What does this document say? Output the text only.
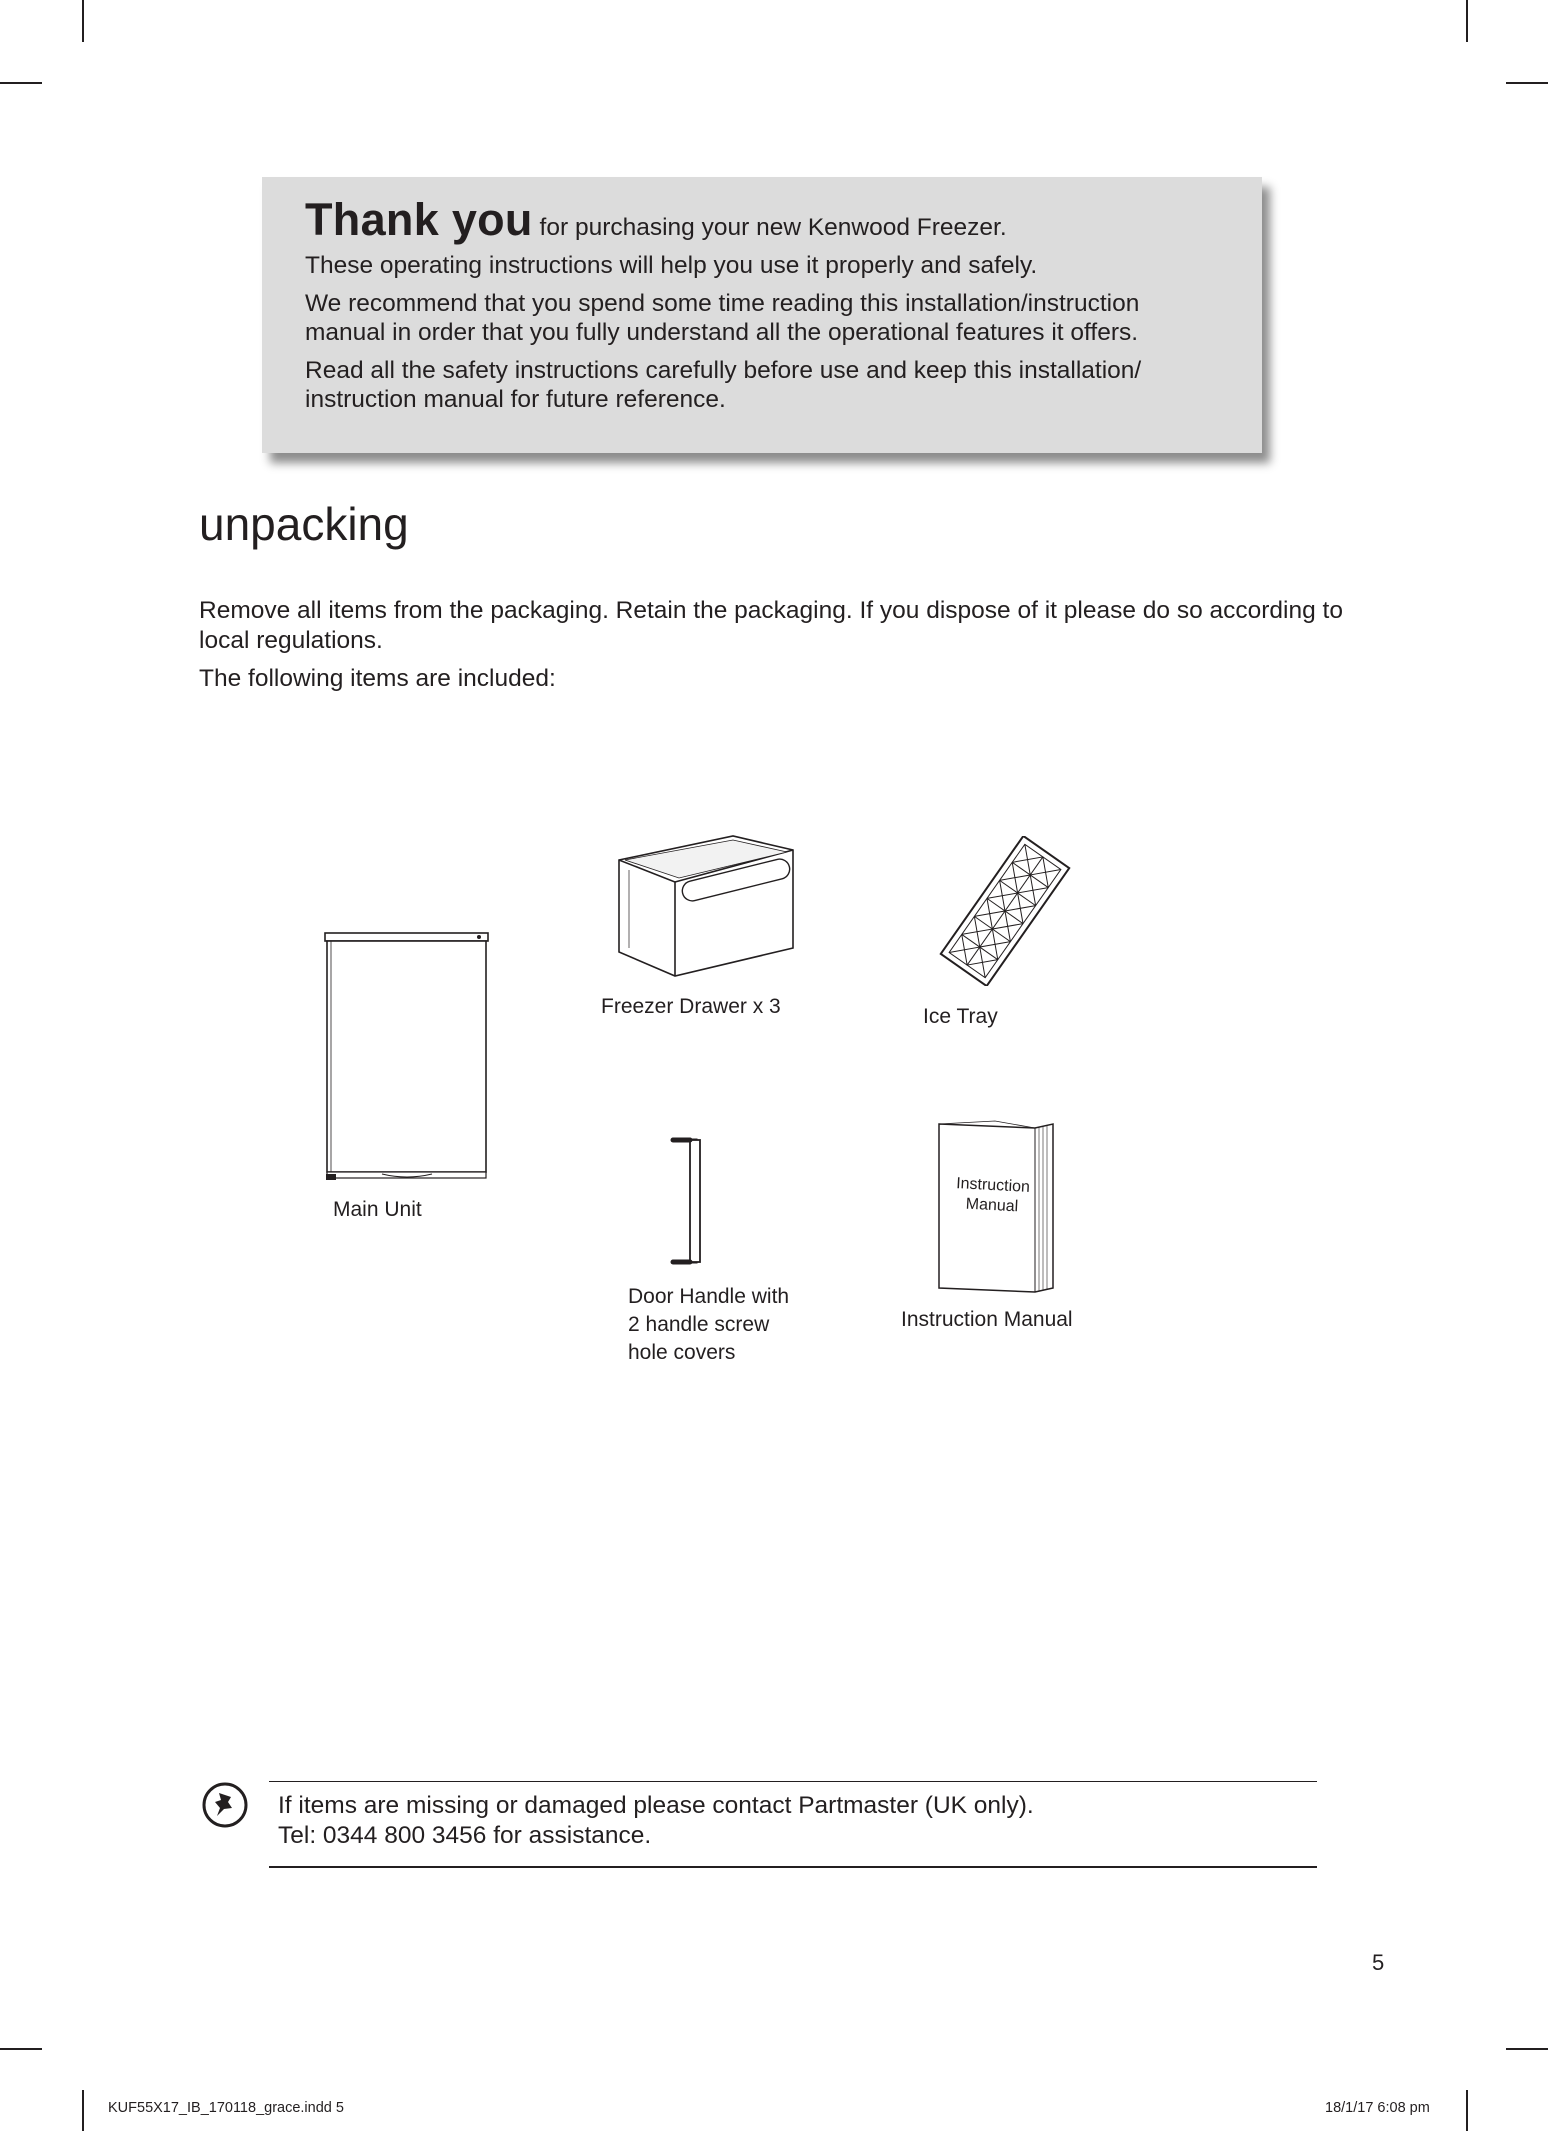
Thank you for purchasing your new Kenwood Freezer.

These operating instructions will help you use it properly and safely.

We recommend that you spend some time reading this installation/instruction manual in order that you fully understand all the operational features it offers.

Read all the safety instructions carefully before use and keep this installation/ instruction manual for future reference.

unpacking

Remove all items from the packaging. Retain the packaging. If you dispose of it please do so according to local regulations.

The following items are included:

Main Unit
Freezer Drawer x 3	Ice Tray
Door Handle with
2 handle screw
hole covers
Instruction
Manual
Instruction Manual
If items are missing or damaged please contact Partmaster (UK only).
Tel: 0344 800 3456 for assistance.
5
KUF55X17_IB_170118_grace.indd 5	18/1/17 6:08 pm
